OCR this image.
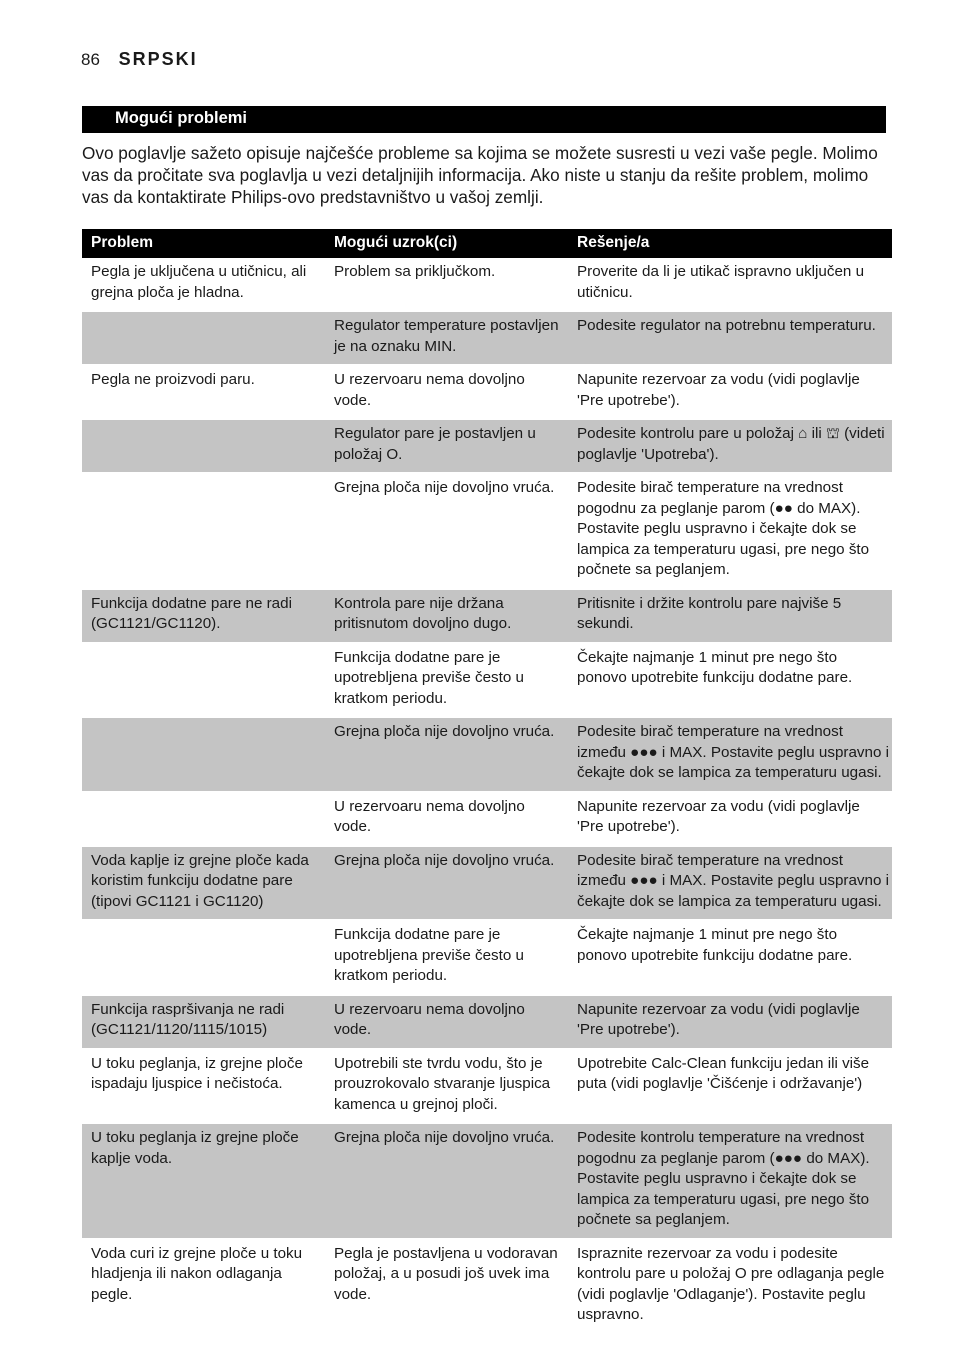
86 SRPSKI
Mogući problemi

Ovo poglavlje sažeto opisuje najčešće probleme sa kojima se možete susresti u vezi vaše pegle. Molimo vas da pročitate sva poglavlja u vezi detaljnijih informacija. Ako niste u stanju da rešite problem, molimo vas da kontaktirate Philips-ovo predstavništvo u vašoj zemlji.

Problem	Mogući uzrok(ci)	Rešenje/a
Pegla je uključena u utičnicu, ali grejna ploča je hladna.	Problem sa priključkom.	Proverite da li je utikač ispravno uključen u utičnicu.
	Regulator temperature postavljen je na oznaku MIN.	Podesite regulator na potrebnu temperaturu.
Pegla ne proizvodi paru.	U rezervoaru nema dovoljno vode.	Napunite rezervoar za vodu (vidi poglavlje 'Pre upotrebe').
	Regulator pare je postavljen u položaj O.	Podesite kontrolu pare u položaj ⌂ ili ⛫ (videti poglavlje 'Upotreba').
	Grejna ploča nije dovoljno vruća.	Podesite birač temperature na vrednost pogodnu za peglanje parom (●● do MAX). Postavite peglu uspravno i čekajte dok se lampica za temperaturu ugasi, pre nego što počnete sa peglanjem.
Funkcija dodatne pare ne radi (GC1121/GC1120).	Kontrola pare nije držana pritisnutom dovoljno dugo.	Pritisnite i držite kontrolu pare najviše 5 sekundi.
	Funkcija dodatne pare je upotrebljena previše često u kratkom periodu.	Čekajte najmanje 1 minut pre nego što ponovo upotrebite funkciju dodatne pare.
	Grejna ploča nije dovoljno vruća.	Podesite birač temperature na vrednost između ●●● i MAX. Postavite peglu uspravno i čekajte dok se lampica za temperaturu ugasi.
	U rezervoaru nema dovoljno vode.	Napunite rezervoar za vodu (vidi poglavlje 'Pre upotrebe').
Voda kaplje iz grejne ploče kada koristim funkciju dodatne pare (tipovi GC1121 i GC1120)	Grejna ploča nije dovoljno vruća.	Podesite birač temperature na vrednost između ●●● i MAX. Postavite peglu uspravno i čekajte dok se lampica za temperaturu ugasi.
	Funkcija dodatne pare je upotrebljena previše često u kratkom periodu.	Čekajte najmanje 1 minut pre nego što ponovo upotrebite funkciju dodatne pare.
Funkcija raspršivanja ne radi (GC1121/1120/1115/1015)	U rezervoaru nema dovoljno vode.	Napunite rezervoar za vodu (vidi poglavlje 'Pre upotrebe').
U toku peglanja, iz grejne ploče ispadaju ljuspice i nečistoća.	Upotrebili ste tvrdu vodu, što je prouzrokovalo stvaranje ljuspica kamenca u grejnoj ploči.	Upotrebite Calc-Clean funkciju jedan ili više puta (vidi poglavlje 'Čišćenje i održavanje')
U toku peglanja iz grejne ploče kaplje voda.	Grejna ploča nije dovoljno vruća.	Podesite kontrolu temperature na vrednost pogodnu za peglanje parom (●●● do MAX). Postavite peglu uspravno i čekajte dok se lampica za temperaturu ugasi, pre nego što počnete sa peglanjem.
Voda curi iz grejne ploče u toku hladjenja ili nakon odlaganja pegle.	Pegla je postavljena u vodoravan položaj, a u posudi još uvek ima vode.	Ispraznite rezervoar za vodu i podesite kontrolu pare u položaj O pre odlaganja pegle (vidi poglavlje 'Odlaganje'). Postavite peglu uspravno.
